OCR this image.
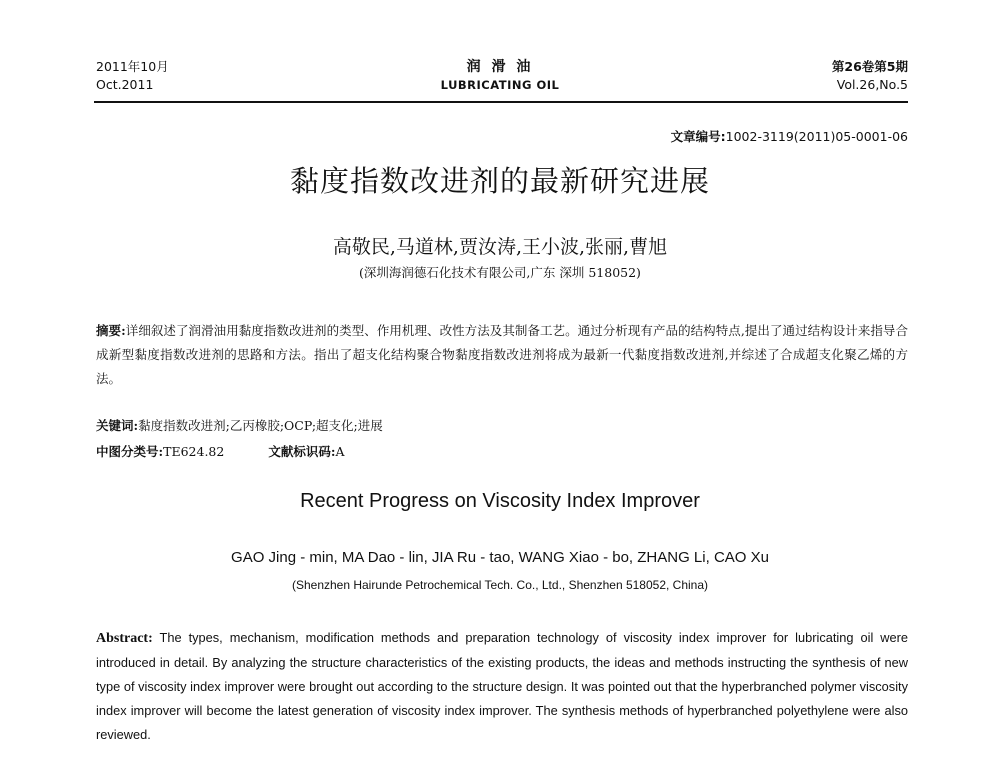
2011年10月
Oct.2011
润 滑 油
LUBRICATING OIL
第26卷第5期
Vol.26,No.5
文章编号:1002-3119(2011)05-0001-06
黏度指数改进剂的最新研究进展
高敬民,马道林,贾汝涛,王小波,张丽,曹旭
(深圳海润德石化技术有限公司,广东 深圳 518052)
摘要:详细叙述了润滑油用黏度指数改进剂的类型、作用机理、改性方法及其制备工艺。通过分析现有产品的结构特点,提出了通过结构设计来指导合成新型黏度指数改进剂的思路和方法。指出了超支化结构聚合物黏度指数改进剂将成为最新一代黏度指数改进剂,并综述了合成超支化聚乙烯的方法。
关键词:黏度指数改进剂;乙丙橡胶;OCP;超支化;进展
中图分类号:TE624.82	文献标识码:A
Recent Progress on Viscosity Index Improver
GAO Jing - min, MA Dao - lin, JIA Ru - tao, WANG Xiao - bo, ZHANG Li, CAO Xu
(Shenzhen Hairunde Petrochemical Tech. Co., Ltd., Shenzhen 518052, China)
Abstract: The types, mechanism, modification methods and preparation technology of viscosity index improver for lubricating oil were introduced in detail. By analyzing the structure characteristics of the existing products, the ideas and methods instructing the synthesis of new type of viscosity index improver were brought out according to the structure design. It was pointed out that the hyperbranched polymer viscosity index improver will become the latest generation of viscosity index improver. The synthesis methods of hyperbranched polyethylene were also reviewed.
